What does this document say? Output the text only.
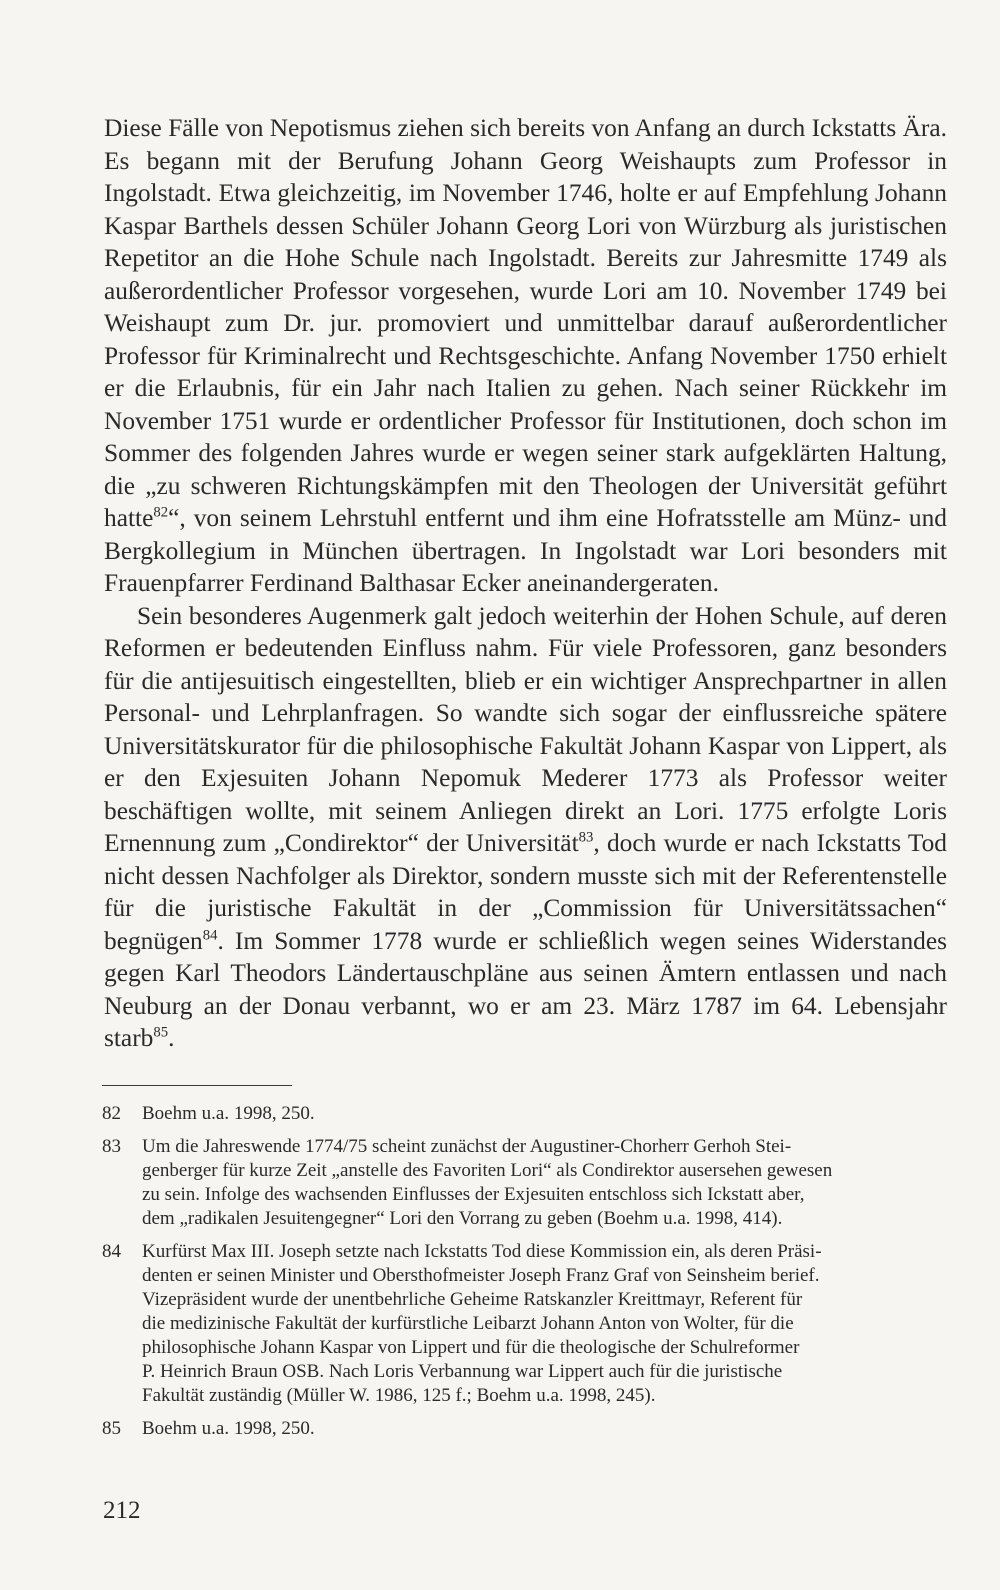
Diese Fälle von Nepotismus ziehen sich bereits von Anfang an durch Ickstatts Ära. Es begann mit der Berufung Johann Georg Weishaupts zum Professor in Ingolstadt. Etwa gleichzeitig, im November 1746, holte er auf Empfehlung Johann Kaspar Barthels dessen Schüler Johann Georg Lori von Würzburg als juristischen Repetitor an die Hohe Schule nach Ingolstadt. Bereits zur Jahresmitte 1749 als außerordentlicher Professor vorgesehen, wurde Lori am 10. November 1749 bei Weishaupt zum Dr. jur. promoviert und unmittelbar darauf außerordentlicher Professor für Kriminalrecht und Rechtsgeschichte. Anfang November 1750 erhielt er die Erlaubnis, für ein Jahr nach Italien zu gehen. Nach seiner Rückkehr im November 1751 wurde er ordentlicher Professor für Institutionen, doch schon im Sommer des folgenden Jahres wurde er wegen seiner stark aufgeklärten Haltung, die „zu schweren Richtungskämpfen mit den Theologen der Universität geführt hatte$^{82}$“, von seinem Lehrstuhl entfernt und ihm eine Hofratsstelle am Münz- und Bergkollegium in München übertragen. In Ingolstadt war Lori besonders mit Frauenpfarrer Ferdinand Balthasar Ecker aneinandergeraten.

Sein besonderes Augenmerk galt jedoch weiterhin der Hohen Schule, auf deren Reformen er bedeutenden Einfluss nahm. Für viele Professoren, ganz besonders für die antijesuitisch eingestellten, blieb er ein wichtiger Ansprechpartner in allen Personal- und Lehrplanfragen. So wandte sich sogar der einflussreiche spätere Universitätskurator für die philosophische Fakultät Johann Kaspar von Lippert, als er den Exjesuiten Johann Nepomuk Mederer 1773 als Professor weiter beschäftigen wollte, mit seinem Anliegen direkt an Lori. 1775 erfolgte Loris Ernennung zum „Condirektor“ der Universität$^{83}$, doch wurde er nach Ickstatts Tod nicht dessen Nachfolger als Direktor, sondern musste sich mit der Referentenstelle für die juristische Fakultät in der „Commission für Universitätssachen“ begnügen$^{84}$. Im Sommer 1778 wurde er schließlich wegen seines Widerstandes gegen Karl Theodors Ländertauschpläne aus seinen Ämtern entlassen und nach Neuburg an der Donau verbannt, wo er am 23. März 1787 im 64. Lebensjahr starb$^{85}$.

82	Boehm u.a. 1998, 250.
83	Um die Jahreswende 1774/75 scheint zunächst der Augustiner-Chorherr Gerhoh Stei-
genberger für kurze Zeit „anstelle des Favoriten Lori“ als Condirektor ausersehen gewesen
zu sein. Infolge des wachsenden Einflusses der Exjesuiten entschloss sich Ickstatt aber,
dem „radikalen Jesuitengegner“ Lori den Vorrang zu geben (Boehm u.a. 1998, 414).
84	Kurfürst Max III. Joseph setzte nach Ickstatts Tod diese Kommission ein, als deren Präsi-
denten er seinen Minister und Obersthofmeister Joseph Franz Graf von Seinsheim berief.
Vizepräsident wurde der unentbehrliche Geheime Ratskanzler Kreittmayr, Referent für
die medizinische Fakultät der kurfürstliche Leibarzt Johann Anton von Wolter, für die
philosophische Johann Kaspar von Lippert und für die theologische der Schulreformer
P. Heinrich Braun OSB. Nach Loris Verbannung war Lippert auch für die juristische
Fakultät zuständig (Müller W. 1986, 125 f.; Boehm u.a. 1998, 245).
85	Boehm u.a. 1998, 250.
212
